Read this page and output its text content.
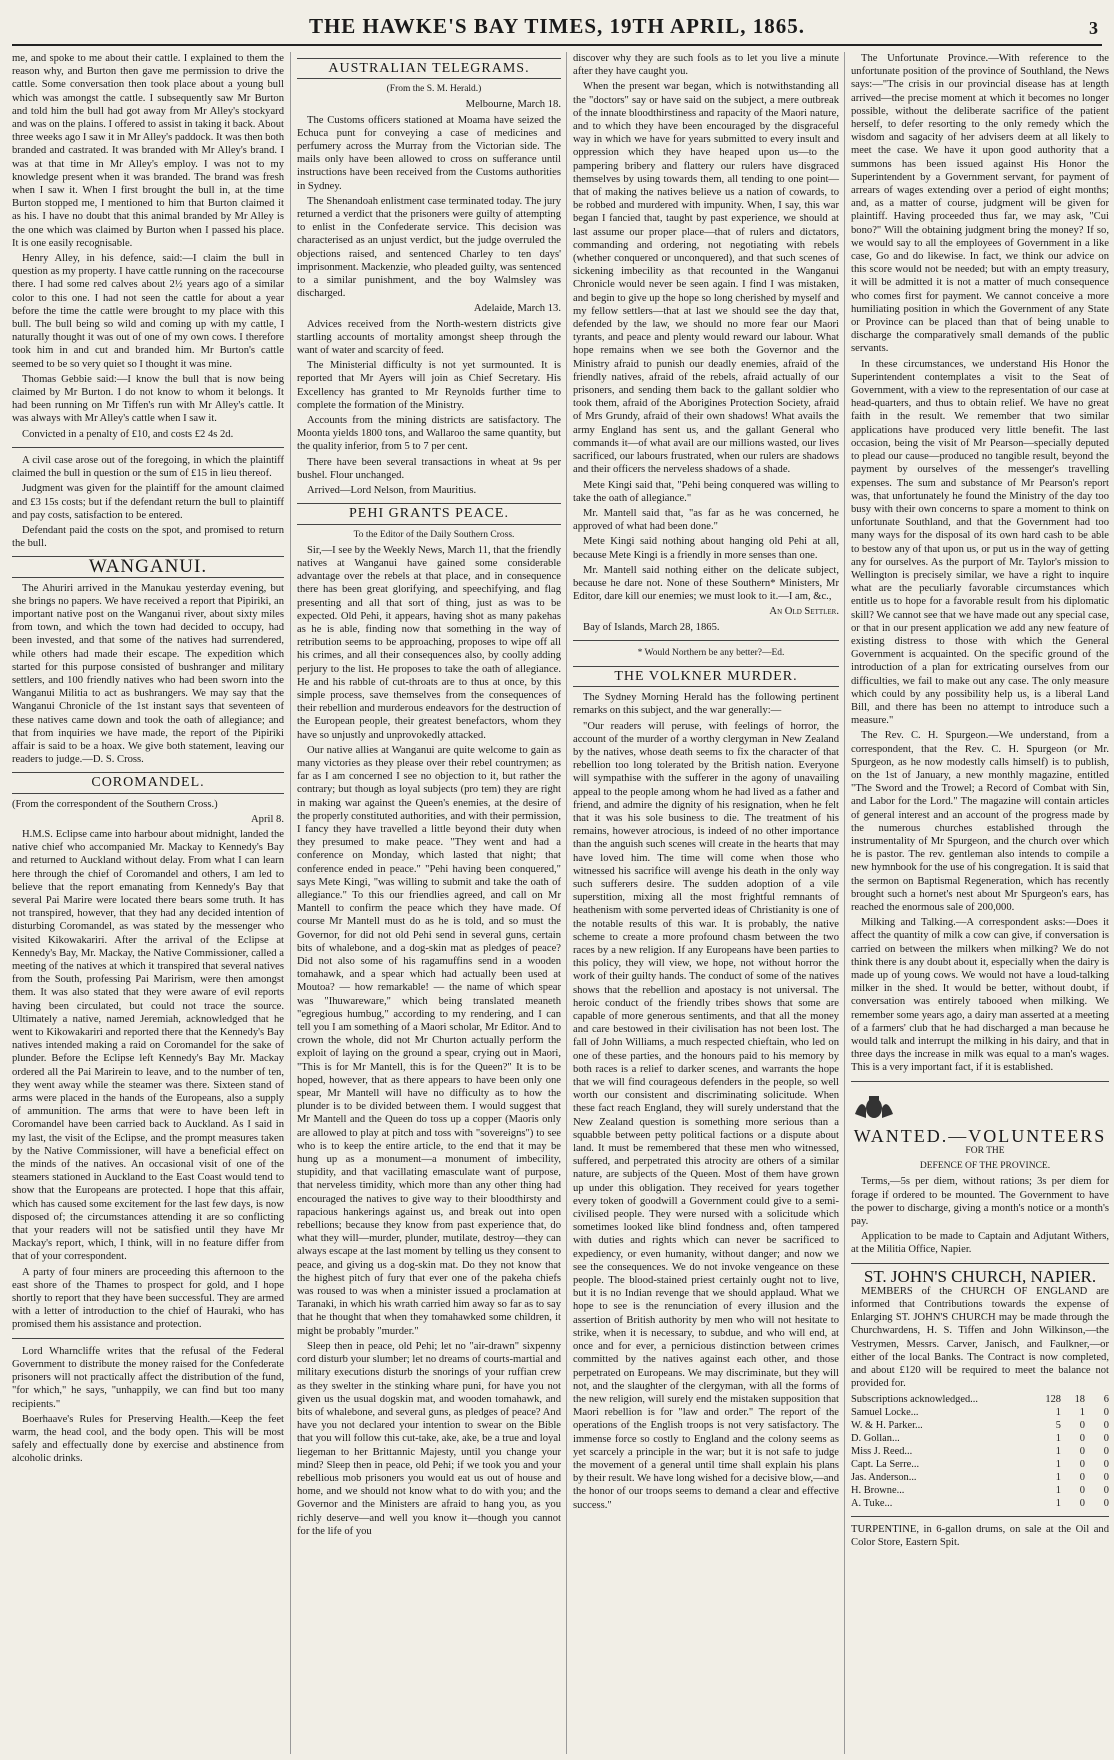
THE HAWKE'S BAY TIMES, 19TH APRIL, 1865.	3

me, and spoke to me about their cattle. I explained to them the reason why, and Burton then gave me permission to drive the cattle. Some conversation then took place about a young bull which was amongst the cattle. I subsequently saw Mr Burton and told him the bull had got away from Mr Alley's stockyard and was on the plains. I offered to assist in taking it back. About three weeks ago I saw it in Mr Alley's paddock. It was then both branded and castrated. It was branded with Mr Alley's brand. I was at that time in Mr Alley's employ. I was not to my knowledge present when it was branded. The brand was fresh when I saw it. When I first brought the bull in, at the time Burton stopped me, I mentioned to him that Burton claimed it as his. I have no doubt that this animal branded by Mr Alley is the one which was claimed by Burton when I passed his place. It is one easily recognisable.

Henry Alley, in his defence, said:—I claim the bull in question as my property. I have cattle running on the racecourse there. I had some red calves about 2½ years ago of a similar color to this one. I had not seen the cattle for about a year before the time the cattle were brought to my place with this bull. The bull being so wild and coming up with my cattle, I naturally thought it was out of one of my own cows. I therefore took him in and cut and branded him. Mr Burton's cattle seemed to be so very quiet so I thought it was mine.

Thomas Gebbie said:—I know the bull that is now being claimed by Mr Burton. I do not know to whom it belongs. It had been running on Mr Tiffen's run with Mr Alley's cattle. It was always with Mr Alley's cattle when I saw it.

Convicted in a penalty of £10, and costs £2 4s 2d.

A civil case arose out of the foregoing, in which the plaintiff claimed the bull in question or the sum of £15 in lieu thereof.

Judgment was given for the plaintiff for the amount claimed and £3 15s costs; but if the defendant return the bull to plaintiff and pay costs, satisfaction to be entered.

Defendant paid the costs on the spot, and promised to return the bull.

WANGANUI.

The Ahuriri arrived in the Manukau yesterday evening, but she brings no papers. We have received a report that Pipiriki, an important native post on the Wanganui river, about sixty miles from town, and which the town had decided to occupy, had been invested, and that some of the natives had surrendered, while others had made their escape. The expedition which started for this purpose consisted of bushranger and military settlers, and 100 friendly natives who had been sworn into the Wanganui Militia to act as bushrangers. We may say that the Wanganui Chronicle of the 1st instant says that seventeen of these natives came down and took the oath of allegiance; and that from inquiries we have made, the report of the Pipiriki affair is said to be a hoax. We give both statement, leaving our readers to judge.—D. S. Cross.

COROMANDEL.

(From the correspondent of the Southern Cross.)

April 8.

H.M.S. Eclipse came into harbour about midnight, landed the native chief who accompanied Mr. Mackay to Kennedy's Bay and returned to Auckland without delay. From what I can learn here through the chief of Coromandel and others, I am led to believe that the report emanating from Kennedy's Bay that several Pai Marire were located there bears some truth. It has not transpired, however, that they had any decided intention of disturbing Coromandel, as was stated by the messenger who visited Kikowakariri. After the arrival of the Eclipse at Kennedy's Bay, Mr. Mackay, the Native Commissioner, called a meeting of the natives at which it transpired that several natives from the South, professing Pai Marirism, were then amongst them. It was also stated that they were aware of evil reports having been circulated, but could not trace the source. Ultimately a native, named Jeremiah, acknowledged that he went to Kikowakariri and reported there that the Kennedy's Bay natives intended making a raid on Coromandel for the sake of plunder. Before the Eclipse left Kennedy's Bay Mr. Mackay ordered all the Pai Marirein to leave, and to the number of ten, they went away while the steamer was there. Sixteen stand of arms were placed in the hands of the Europeans, also a supply of ammunition. The arms that were to have been left in Coromandel have been carried back to Auckland. As I said in my last, the visit of the Eclipse, and the prompt measures taken by the Native Commissioner, will have a beneficial effect on the minds of the natives. An occasional visit of one of the steamers stationed in Auckland to the East Coast would tend to show that the Europeans are protected. I hope that this affair, which has caused some excitement for the last few days, is now disposed of; the circumstances attending it are so conflicting that your readers will not be satisfied until they have Mr Mackay's report, which, I think, will in no feature differ from that of your correspondent.

A party of four miners are proceeding this afternoon to the east shore of the Thames to prospect for gold, and I hope shortly to report that they have been successful. They are armed with a letter of introduction to the chief of Hauraki, who has promised them his assistance and protection.

Lord Wharncliffe writes that the refusal of the Federal Government to distribute the money raised for the Confederate prisoners will not practically affect the distribution of the fund, "for which," he says, "unhappily, we can find but too many recipients."

Boerhaave's Rules for Preserving Health.—Keep the feet warm, the head cool, and the body open. This will be most safely and effectually done by exercise and abstinence from alcoholic drinks.

AUSTRALIAN TELEGRAMS.

(From the S. M. Herald.)

Melbourne, March 18.

The Customs officers stationed at Moama have seized the Echuca punt for conveying a case of medicines and perfumery across the Murray from the Victorian side. The mails only have been allowed to cross on sufferance until instructions have been received from the Customs authorities in Sydney.

The Shenandoah enlistment case terminated today. The jury returned a verdict that the prisoners were guilty of attempting to enlist in the Confederate service. This decision was characterised as an unjust verdict, but the judge overruled the objections raised, and sentenced Charley to ten days' imprisonment. Mackenzie, who pleaded guilty, was sentenced to a similar punishment, and the boy Walmsley was discharged.

Adelaide, March 13.

Advices received from the North-western districts give startling accounts of mortality amongst sheep through the want of water and scarcity of feed.

The Ministerial difficulty is not yet surmounted. It is reported that Mr Ayers will join as Chief Secretary. His Excellency has granted to Mr Reynolds further time to complete the formation of the Ministry.

Accounts from the mining districts are satisfactory. The Moonta yields 1800 tons, and Wallaroo the same quantity, but the quality inferior, from 5 to 7 per cent.

There have been several transactions in wheat at 9s per bushel. Flour unchanged.

Arrived—Lord Nelson, from Mauritius.

PEHI GRANTS PEACE.

To the Editor of the Daily Southern Cross.

Sir,—I see by the Weekly News, March 11, that the friendly natives at Wanganui have gained some considerable advantage over the rebels at that place, and in consequence there has been great glorifying, and speechifying, and flag presenting and all that sort of thing, just as was to be expected. Old Pehi, it appears, having shot as many pakehas as he is able, finding now that something in the way of retribution seems to be approaching, proposes to wipe off all his crimes, and all their consequences also, by coolly adding perjury to the list. He proposes to take the oath of allegiance. He and his rabble of cut-throats are to thus at once, by this simple process, save themselves from the consequences of their rebellion and murderous endeavors for the destruction of the European people, their greatest benefactors, whom they have so unjustly and unprovokedly attacked.

Our native allies at Wanganui are quite welcome to gain as many victories as they please over their rebel countrymen; as far as I am concerned I see no objection to it, but rather the contrary; but though as loyal subjects (pro tem) they are right in making war against the Queen's enemies, at the desire of the properly constituted authorities, and with their permission, I fancy they have travelled a little beyond their duty when they presumed to make peace. "They went and had a conference on Monday, which lasted that night; that conference ended in peace." "Pehi having been conquered," says Mete Kingi, "was willing to submit and take the oath of allegiance." To this our friendlies agreed, and call on Mr Mantell to confirm the peace which they have made. Of course Mr Mantell must do as he is told, and so must the Governor, for did not old Pehi send in several guns, certain bits of whalebone, and a dog-skin mat as pledges of peace? Did not also some of his ragamuffins send in a wooden tomahawk, and a spear which had actually been used at Moutoa? — how remarkable! — the name of which spear was "Ihuwareware," which being translated meaneth "egregious humbug," according to my rendering, and I can tell you I am something of a Maori scholar, Mr Editor. And to crown the whole, did not Mr Churton actually perform the exploit of laying on the ground a spear, crying out in Maori, "This is for Mr Mantell, this is for the Queen?" It is to be hoped, however, that as there appears to have been only one spear, Mr Mantell will have no difficulty as to how the plunder is to be divided between them. I would suggest that Mr Mantell and the Queen do toss up a copper (Maoris only are allowed to play at pitch and toss with "sovereigns") to see who is to keep the entire article, to the end that it may be hung up as a monument—a monument of imbecility, stupidity, and that vacillating emasculate want of purpose, that nerveless timidity, which more than any other thing had encouraged the natives to give way to their bloodthirsty and rapacious hankerings against us, and break out into open rebellions; because they know from past experience that, do what they will—murder, plunder, mutilate, destroy—they can always escape at the last moment by telling us they consent to peace, and giving us a dog-skin mat. Do they not know that the highest pitch of fury that ever one of the pakeha chiefs was roused to was when a minister issued a proclamation at Taranaki, in which his wrath carried him away so far as to say that he thought that when they tomahawked some children, it might be probably "murder."

Sleep then in peace, old Pehi; let no "air-drawn" sixpenny cord disturb your slumber; let no dreams of courts-martial and military executions disturb the snorings of your ruffian crew as they swelter in the stinking whare puni, for have you not given us the usual dogskin mat, and wooden tomahawk, and bits of whalebone, and several guns, as pledges of peace? And have you not declared your intention to swear on the Bible that you will follow this cut-take, ake, ake, be a true and loyal liegeman to her Brittannic Majesty, until you change your mind? Sleep then in peace, old Pehi; if we took you and your rebellious mob prisoners you would eat us out of house and home, and we should not know what to do with you; and the Governor and the Ministers are afraid to hang you, as you richly deserve—and well you know it—though you cannot for the life of you

discover why they are such fools as to let you live a minute after they have caught you.

When the present war began, which is notwithstanding all the "doctors" say or have said on the subject, a mere outbreak of the innate bloodthirstiness and rapacity of the Maori nature, and to which they have been encouraged by the disgraceful way in which we have for years submitted to every insult and oppression which they have heaped upon us—to the pampering bribery and flattery our rulers have disgraced themselves by using towards them, all tending to one point—that of making the natives believe us a nation of cowards, to be robbed and murdered with impunity. When, I say, this war began I fancied that, taught by past experience, we should at last assume our proper place—that of rulers and dictators, commanding and ordering, not negotiating with rebels (whether conquered or unconquered), and that such scenes of sickening imbecility as that recounted in the Wanganui Chronicle would never be seen again. I find I was mistaken, and begin to give up the hope so long cherished by myself and my fellow settlers—that at last we should see the day that, defended by the law, we should no more fear our Maori tyrants, and peace and plenty would reward our labour. What hope remains when we see both the Governor and the Ministry afraid to punish our deadly enemies, afraid of the friendly natives, afraid of the rebels, afraid actually of our prisoners, and sending them back to the gallant soldier who took them, afraid of the Aborigines Protection Society, afraid of Mrs Grundy, afraid of their own shadows! What avails the army England has sent us, and the gallant General who commands it—of what avail are our millions wasted, our lives sacrificed, our labours frustrated, when our rulers are shadows and their officers the nerveless shadows of a shade.

Mete Kingi said that, "Pehi being conquered was willing to take the oath of allegiance."

Mr. Mantell said that, "as far as he was concerned, he approved of what had been done."

Mete Kingi said nothing about hanging old Pehi at all, because Mete Kingi is a friendly in more senses than one.

Mr. Mantell said nothing either on the delicate subject, because he dare not. None of these Southern* Ministers, Mr Editor, dare kill our enemies; we must look to it.—I am, &c.,

An Old Settler.

Bay of Islands, March 28, 1865.

* Would Northern be any better?—Ed.

THE VOLKNER MURDER.

The Sydney Morning Herald has the following pertinent remarks on this subject, and the war generally:—

"Our readers will peruse, with feelings of horror, the account of the murder of a worthy clergyman in New Zealand by the natives, whose death seems to fix the character of that rebellion too long tolerated by the British nation. Everyone will sympathise with the sufferer in the agony of unavailing appeal to the people among whom he had lived as a father and friend, and admire the dignity of his resignation, when he felt that it was his sole business to die. The treatment of his remains, however atrocious, is indeed of no other importance than the anguish such scenes will create in the hearts that may have loved him. The time will come when those who witnessed his sacrifice will avenge his death in the only way such sufferers desire. The sudden adoption of a vile superstition, mixing all the most frightful remnants of heathenism with some perverted ideas of Christianity is one of the notable results of this war. It is probably, the native scheme to create a more profound chasm between the two races by a new religion. If any Europeans have been parties to this policy, they will view, we hope, not without horror the work of their guilty hands. The conduct of some of the natives shows that the rebellion and apostacy is not universal. The heroic conduct of the friendly tribes shows that some are capable of more generous sentiments, and that all the money and care bestowed in their civilisation has not been lost. The fall of John Williams, a much respected chieftain, who led on one of these parties, and the honours paid to his memory by both races is a relief to darker scenes, and warrants the hope that we will find courageous defenders in the people, so well worth our consistent and discriminating solicitude. When these fact reach England, they will surely understand that the New Zealand question is something more serious than a squabble between petty political factions or a dispute about land. It must be remembered that these men who witnessed, suffered, and perpetrated this atrocity are others of a similar nature, are subjects of the Queen. Most of them have grown up under this obligation. They received for years together every token of goodwill a Government could give to a semi-civilised people. They were nursed with a solicitude which sometimes looked like blind fondness and, often tampered with duties and rights which can never be sacrificed to expediency, or even humanity, without danger; and now we see the consequences. We do not invoke vengeance on these people. The blood-stained priest certainly ought not to live, but it is no Indian revenge that we should applaud. What we hope to see is the renunciation of every illusion and the assertion of British authority by men who will not hesitate to strike, when it is necessary, to subdue, and who will end, at once and for ever, a pernicious distinction between crimes committed by the natives against each other, and those perpetrated on Europeans. We may discriminate, but they will not, and the slaughter of the clergyman, with all the forms of the new religion, will surely end the mistaken supposition that Maori rebellion is for "law and order." The report of the operations of the English troops is not very satisfactory. The immense force so costly to England and the colony seems as yet scarcely a principle in the war; but it is not safe to judge the movement of a general until time shall explain his plans by their result. We have long wished for a decisive blow,—and the honor of our troops seems to demand a clear and effective success."

The Unfortunate Province.—With reference to the unfortunate position of the province of Southland, the News says:—"The crisis in our provincial disease has at length arrived—the precise moment at which it becomes no longer possible, without the deliberate sacrifice of the patient herself, to defer resorting to the only remedy which the wisdom and sagacity of her advisers deem at all likely to meet the case. We have it upon good authority that a summons has been issued against His Honor the Superintendent by a Government servant, for payment of arrears of wages extending over a period of eight months; and, as a matter of course, judgment will be given for plaintiff. Having proceeded thus far, we may ask, "Cui bono?" Will the obtaining judgment bring the money? If so, we would say to all the employees of Government in a like case, Go and do likewise. In fact, we think our advice on this score would not be needed; but with an empty treasury, it will be admitted it is not a matter of much consequence who comes first for payment. We cannot conceive a more humiliating position in which the Government of any State or Province can be placed than that of being unable to discharge the comparatively small demands of the public servants.

In these circumstances, we understand His Honor the Superintendent contemplates a visit to the Seat of Government, with a view to the representation of our case at head-quarters, and thus to obtain relief. We have no great faith in the result. We remember that two similar applications have produced very little benefit. The last occasion, being the visit of Mr Pearson—specially deputed to plead our cause—produced no tangible result, beyond the payment by ourselves of the messenger's travelling expenses. The sum and substance of Mr Pearson's report was, that unfortunately he found the Ministry of the day too busy with their own concerns to spare a moment to think on unfortunate Southland, and that the Government had too many ways for the disposal of its own hard cash to be able to bestow any of that upon us, or put us in the way of getting any for ourselves. As the purport of Mr. Taylor's mission to Wellington is precisely similar, we have a right to inquire what are the peculiarly favorable circumstances which entitle us to hope for a favorable result from his diplomatic skill? We cannot see that we have made out any special case, or that in our present application we add any new feature of existing distress to those with which the General Government is acquainted. On the specific ground of the introduction of a plan for extricating ourselves from our difficulties, we fail to make out any case. The only measure which could by any possibility help us, is a liberal Land Bill, and there has been no attempt to introduce such a measure."

The Rev. C. H. Spurgeon.—We understand, from a correspondent, that the Rev. C. H. Spurgeon (or Mr. Spurgeon, as he now modestly calls himself) is to publish, on the 1st of January, a new monthly magazine, entitled "The Sword and the Trowel; a Record of Combat with Sin, and Labor for the Lord." The magazine will contain articles of general interest and an account of the progress made by the numerous churches established through the instrumentality of Mr Spurgeon, and the church over which he is pastor. The rev. gentleman also intends to compile a new hymnbook for the use of his congregation. It is said that the sermon on Baptismal Regeneration, which has recently brought such a hornet's nest about Mr Spurgeon's ears, has reached the enormous sale of 200,000.

Milking and Talking.—A correspondent asks:—Does it affect the quantity of milk a cow can give, if conversation is carried on between the milkers when milking? We do not think there is any doubt about it, especially when the dairy is made up of young cows. We would not have a loud-talking milker in the shed. It would be better, without doubt, if conversation was entirely tabooed when milking. We remember some years ago, a dairy man asserted at a meeting of a farmers' club that he had discharged a man because he would talk and interrupt the milking in his dairy, and that in three days the increase in milk was equal to a man's wages. This is a very important fact, if it is established.

WANTED.—VOLUNTEERS

FOR THE

DEFENCE OF THE PROVINCE.

Terms,—5s per diem, without rations; 3s per diem for forage if ordered to be mounted. The Government to have the power to discharge, giving a month's notice or a month's pay.

Application to be made to Captain and Adjutant Withers, at the Militia Office, Napier.

ST. JOHN'S CHURCH, NAPIER.

MEMBERS of the CHURCH OF ENGLAND are informed that Contributions towards the expense of Enlarging ST. JOHN'S CHURCH may be made through the Churchwardens, H. S. Tiffen and John Wilkinson,—the Vestrymen, Messrs. Carver, Janisch, and Faulkner,—or either of the local Banks. The Contract is now completed, and about £120 will be required to meet the balance not provided for.

Subscriptions acknowledged...	128	18	6
Samuel Locke...	1	1	0
W. & H. Parker...	5	0	0
D. Gollan...	1	0	0
Miss J. Reed...	1	0	0
Capt. La Serre...	1	0	0
Jas. Anderson...	1	0	0
H. Browne...	1	0	0
A. Tuke...	1	0	0

TURPENTINE, in 6-gallon drums, on sale at the Oil and Color Store, Eastern Spit.
